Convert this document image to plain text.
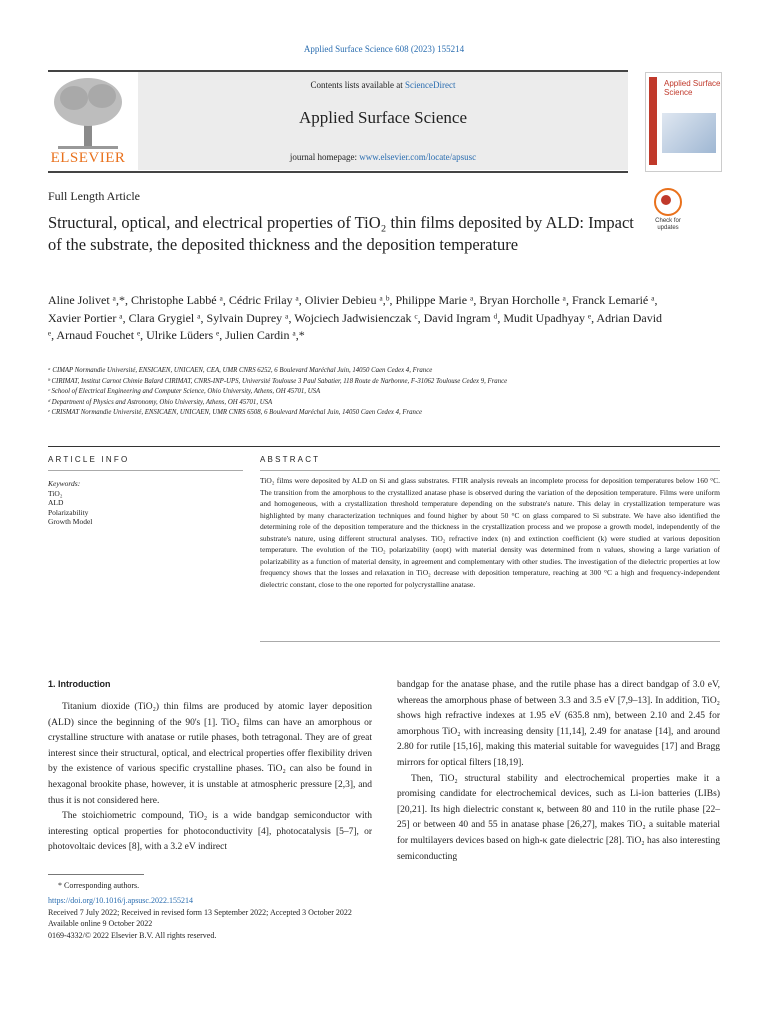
Applied Surface Science 608 (2023) 155214
ELSEVIER
Contents lists available at ScienceDirect
Applied Surface Science
journal homepage: www.elsevier.com/locate/apsusc
Applied Surface Science
Full Length Article
Structural, optical, and electrical properties of TiO₂ thin films deposited by ALD: Impact of the substrate, the deposited thickness and the deposition temperature
Check for updates
Aline Jolivet ᵃ,*, Christophe Labbé ᵃ, Cédric Frilay ᵃ, Olivier Debieu ᵃ,ᵇ, Philippe Marie ᵃ, Bryan Horcholle ᵃ, Franck Lemarié ᵃ, Xavier Portier ᵃ, Clara Grygiel ᵃ, Sylvain Duprey ᵃ, Wojciech Jadwisienczak ᶜ, David Ingram ᵈ, Mudit Upadhyay ᵉ, Adrian David ᵉ, Arnaud Fouchet ᵉ, Ulrike Lüders ᵉ, Julien Cardin ᵃ,*
ᵃ CIMAP Normandie Université, ENSICAEN, UNICAEN, CEA, UMR CNRS 6252, 6 Boulevard Maréchal Juin, 14050 Caen Cedex 4, France
ᵇ CIRIMAT, Institut Carnot Chimie Balard CIRIMAT, CNRS-INP-UPS, Université Toulouse 3 Paul Sabatier, 118 Route de Narbonne, F-31062 Toulouse Cedex 9, France
ᶜ School of Electrical Engineering and Computer Science, Ohio University, Athens, OH 45701, USA
ᵈ Department of Physics and Astronomy, Ohio University, Athens, OH 45701, USA
ᵉ CRISMAT Normandie Université, ENSICAEN, UNICAEN, UMR CNRS 6508, 6 Boulevard Maréchal Juin, 14050 Caen Cedex 4, France
ARTICLE INFO	ABSTRACT
Keywords:
TiO₂
ALD
Polarizability
Growth Model
TiO₂ films were deposited by ALD on Si and glass substrates. FTIR analysis reveals an incomplete process for deposition temperatures below 160 °C. The transition from the amorphous to the crystallized anatase phase is observed during the variation of the deposition temperature. Films were uniform and homogeneous, with a crystallization threshold temperature depending on the substrate's nature. This delay in crystallization temperature was highlighted by many characterization techniques and found higher by about 50 °C on glass compared to Si substrate. We have also identified the determining role of the deposition temperature and the thickness in the crystallization process and we propose a growth model, independently of the substrate's nature, using different structural analyses. TiO₂ refractive index (n) and extinction coefficient (k) were studied at various deposition temperature. The evolution of the TiO₂ polarizability (αopt) with material density was determined from n values, showing a large variation of polarizability as a function of material density, in agreement and complementary with other studies. The investigation of the dielectric properties at low frequency shows that the losses and relaxation in TiO₂ decrease with deposition temperature, reaching at 300 °C a high and frequency-independent dielectric constant, close to the one reported for polycrystalline anatase.
1. Introduction

Titanium dioxide (TiO₂) thin films are produced by atomic layer deposition (ALD) since the beginning of the 90's [1]. TiO₂ films can have an amorphous or crystalline structure with anatase or rutile phases, both tetragonal. They are of great interest since their structural, optical, and electrical properties offer flexibility driven by the existence of various specific crystalline phases. TiO₂ can also be found in hexagonal brookite phase, however, it is unstable at atmospheric pressure [2,3], and thus it is not considered here.

The stoichiometric compound, TiO₂ is a wide bandgap semiconductor with interesting optical properties for photoconductivity [4], photocatalysis [5–7], or photovoltaic devices [8], with a 3.2 eV indirect

bandgap for the anatase phase, and the rutile phase has a direct bandgap of 3.0 eV, whereas the amorphous phase of between 3.3 and 3.5 eV [7,9–13]. In addition, TiO₂ shows high refractive indexes at 1.95 eV (635.8 nm), between 2.10 and 2.45 for amorphous TiO₂ with increasing density [11,14], 2.49 for anatase [14], and around 2.80 for rutile [15,16], making this material suitable for waveguides [17] and Bragg mirrors for optical filters [18,19].

Then, TiO₂ structural stability and electrochemical properties make it a promising candidate for electrochemical devices, such as Li-ion batteries (LIBs) [20,21]. Its high dielectric constant κ, between 80 and 110 in the rutile phase [22–25] or between 40 and 55 in anatase phase [26,27], makes TiO₂ a suitable material for multilayers devices based on high-κ gate dielectric [28]. TiO₂ has also interesting semiconducting

* Corresponding authors.
https://doi.org/10.1016/j.apsusc.2022.155214
Received 7 July 2022; Received in revised form 13 September 2022; Accepted 3 October 2022
Available online 9 October 2022
0169-4332/© 2022 Elsevier B.V. All rights reserved.
